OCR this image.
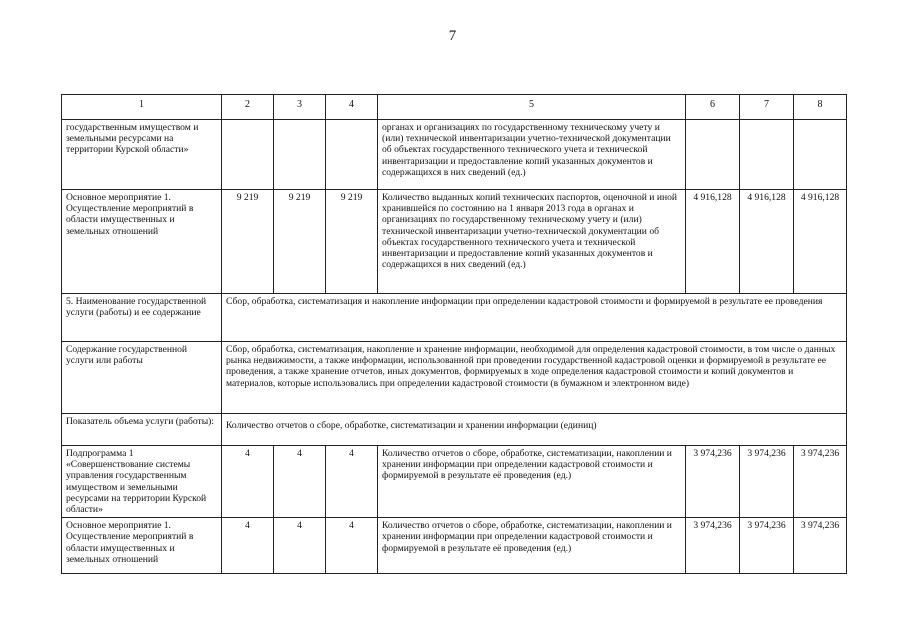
7
1	2	3	4	5	6	7	8
государственным имуществом и земельными ресурсами на территории Курской области»				органах и организациях по государственному техническому учету и (или) технической инвентаризации учетно-технической документации об объектах государственного технического учета и технической инвентаризации и предоставление копий указанных документов и содержащихся в них сведений (ед.)			
Основное мероприятие 1. Осуществление мероприятий в области имущественных и земельных отношений	9 219	9 219	9 219	Количество выданных копий технических паспортов, оценочной и иной хранившейся по состоянию на 1 января 2013 года в органах и организациях по государственному техническому учету и (или) технической инвентаризации учетно-технической документации об объектах государственного технического учета и технической инвентаризации и предоставление копий указанных документов и содержащихся в них сведений (ед.)	4 916,128	4 916,128	4 916,128
5. Наименование государственной услуги (работы) и ее содержание	Сбор, обработка, систематизация и накопление информации при определении кадастровой стоимости и формируемой в результате ее проведения						
Содержание государственной услуги или работы	Сбор, обработка, систематизация, накопление и хранение информации, необходимой для определения кадастровой стоимости, в том числе о данных рынка недвижимости, а также информации, использованной при проведении государственной кадастровой оценки и формируемой в результате ее проведения, а также хранение отчетов, иных документов, формируемых в ходе определения кадастровой стоимости и копий документов и материалов, которые использовались при определении кадастровой стоимости (в бумажном и электронном виде)						
Показатель объема услуги (работы):	Количество отчетов о сборе, обработке, систематизации и хранении информации (единиц)						
Подпрограмма 1 «Совершенствование системы управления государственным имуществом и земельными ресурсами на территории Курской области»	4	4	4	Количество отчетов о сборе, обработке, систематизации, накоплении и хранении информации при определении кадастровой стоимости и формируемой в результате её проведения (ед.)	3 974,236	3 974,236	3 974,236
Основное мероприятие 1. Осуществление мероприятий в области имущественных и земельных отношений	4	4	4	Количество отчетов о сборе, обработке, систематизации, накоплении и хранении информации при определении кадастровой стоимости и формируемой в результате её проведения (ед.)	3 974,236	3 974,236	3 974,236
